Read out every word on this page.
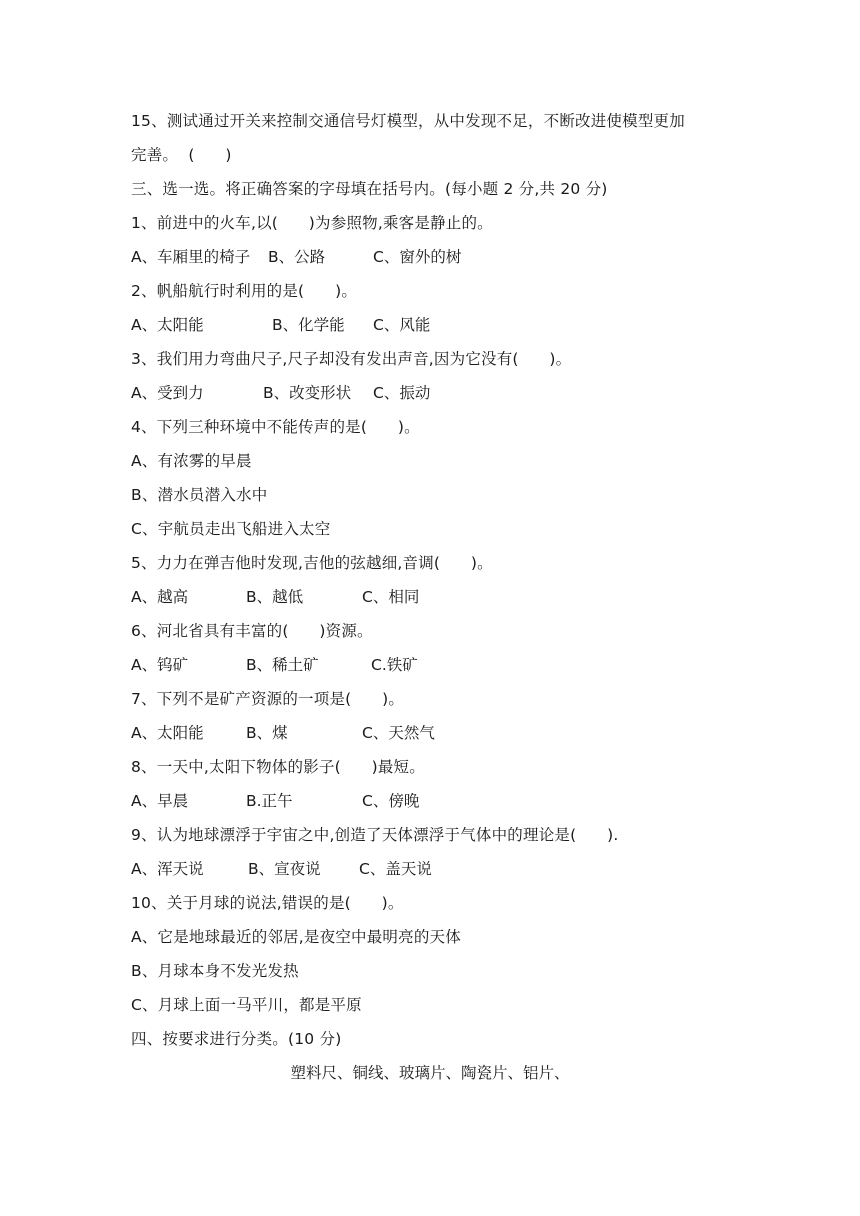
15、测试通过开关来控制交通信号灯模型，从中发现不足，不断改进使模型更加
完善。  (      )
三、选一选。将正确答案的字母填在括号内。(每小题 2 分,共 20 分)
1、前进中的火车,以(      )为参照物,乘客是静止的。

A、车厢里的椅子

B、公路

	C、窗外的树

2、帆船航行时利用的是(      )。

A、太阳能

	B、化学能

C、风能

3、我们用力弯曲尺子,尺子却没有发出声音,因为它没有(      )。

A、受到力

	B、改变形状

C、振动

4、下列三种环境中不能传声的是(      )。
A、有浓雾的早晨
B、潜水员潜入水中
C、宇航员走出飞船进入太空
5、力力在弹吉他时发现,吉他的弦越细,音调(      )。

A、越高

	B、越低

	C、相同

6、河北省具有丰富的(      )资源。

A、钨矿

	B、稀土矿

	C.铁矿

7、下列不是矿产资源的一项是(      )。

A、太阳能

	B、煤

	C、天然气

8、一天中,太阳下物体的影子(      )最短。

A、早晨

	B.正午

	C、傍晚

9、认为地球漂浮于宇宙之中,创造了天体漂浮于气体中的理论是(      ).

A、浑天说

	B、宣夜说

C、盖天说

10、关于月球的说法,错误的是(      )。
A、它是地球最近的邻居,是夜空中最明亮的天体
B、月球本身不发光发热
C、月球上面一马平川，都是平原
四、按要求进行分类。(10 分)
塑料尺、铜线、玻璃片、陶瓷片、铝片、
